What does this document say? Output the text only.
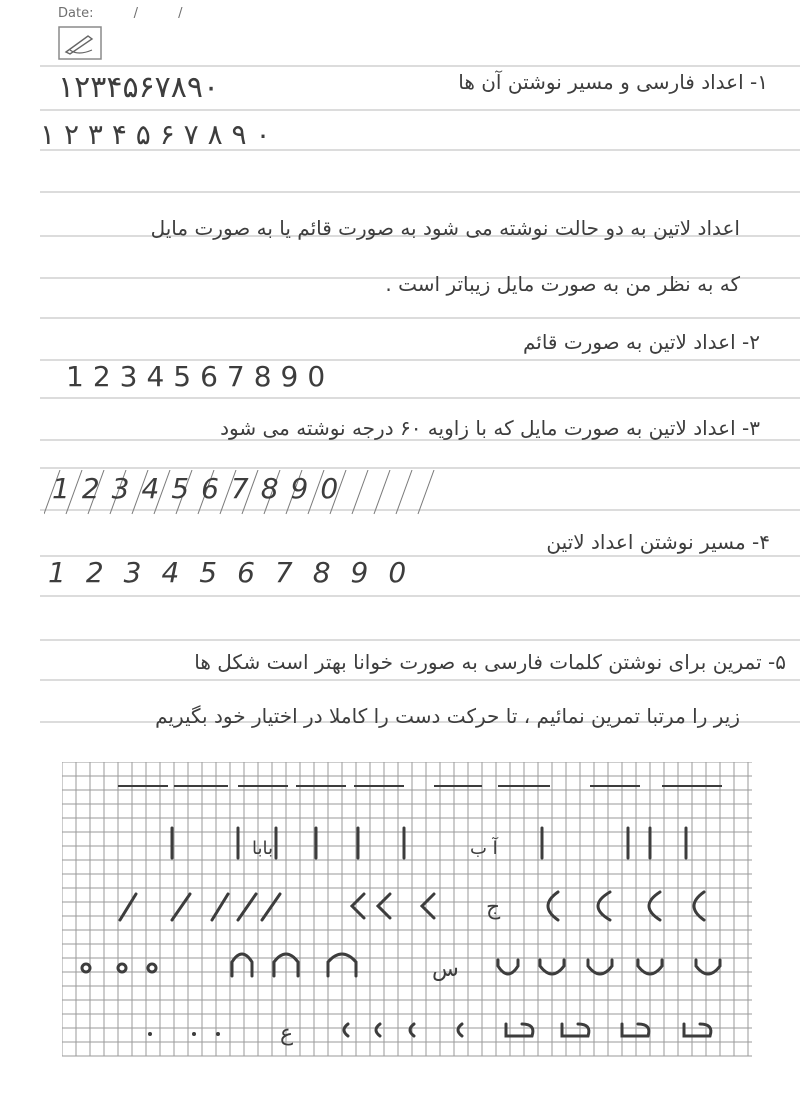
Date:	/ /
۱۲۳۴۵۶۷۸۹۰	۱- اعداد فارسی و مسیر نوشتن آن ها
۱ ۲ ۳ ۴ ۵ ۶ ۷ ۸ ۹ ۰
اعداد لاتین به دو حالت نوشته می شود به صورت قائم یا به صورت مایل
که به نظر من به صورت مایل زیباتر است .
۲- اعداد لاتین به صورت قائم
1234567890
۳- اعداد لاتین به صورت مایل که با زاویه ۶۰ درجه نوشته می شود
1234567890
۴- مسیر نوشتن اعداد لاتین
1234567890
۵- تمرین برای نوشتن کلمات فارسی به صورت خوانا بهتر است شکل ها
زیر را مرتبا تمرین نمائیم ، تا حرکت دست را کاملا در اختیار خود بگیریم
بابا	آ ب
ج
س
ع
